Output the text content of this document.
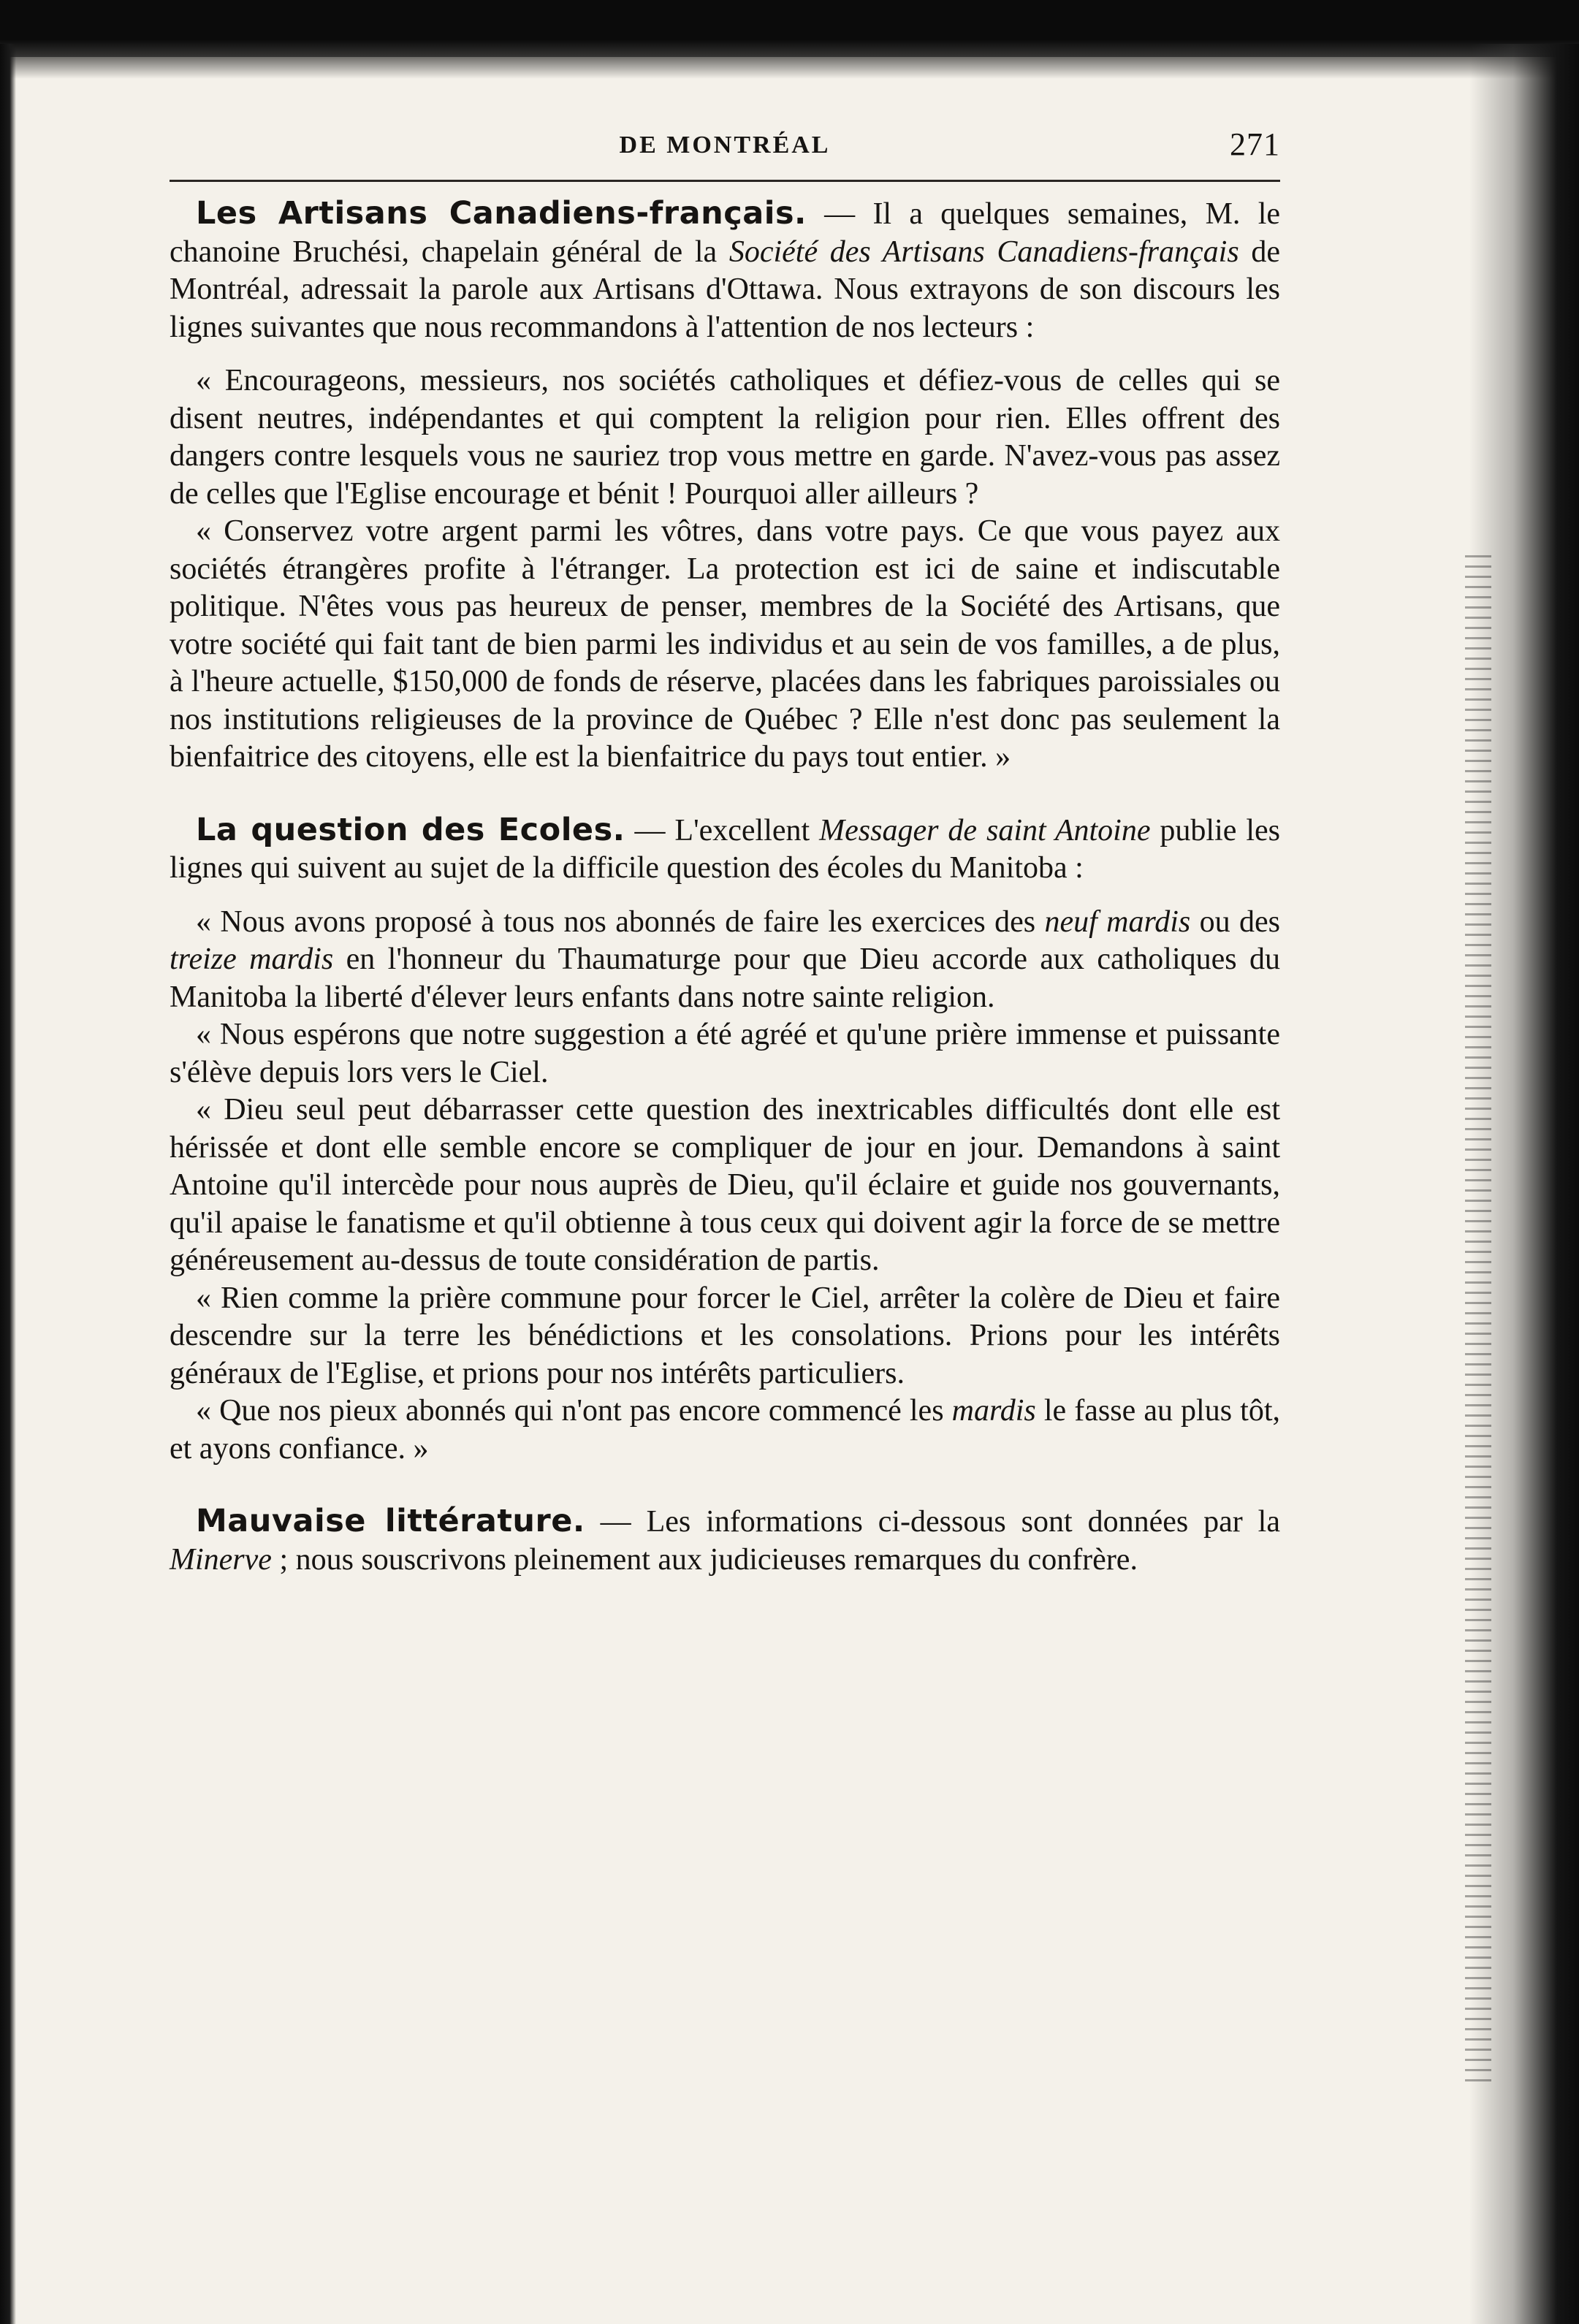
DE MONTRÉAL	271

Les Artisans Canadiens-français. — Il a quelques semaines, M. le chanoine Bruchési, chapelain général de la Société des Artisans Canadiens-français de Montréal, adressait la parole aux Artisans d'Ottawa. Nous extrayons de son discours les lignes suivantes que nous recommandons à l'attention de nos lecteurs :

« Encourageons, messieurs, nos sociétés catholiques et défiez-vous de celles qui se disent neutres, indépendantes et qui comptent la religion pour rien. Elles offrent des dangers contre lesquels vous ne sauriez trop vous mettre en garde. N'avez-vous pas assez de celles que l'Eglise encourage et bénit ! Pourquoi aller ailleurs ?

« Conservez votre argent parmi les vôtres, dans votre pays. Ce que vous payez aux sociétés étrangères profite à l'étranger. La protection est ici de saine et indiscutable politique. N'êtes vous pas heureux de penser, membres de la Société des Artisans, que votre société qui fait tant de bien parmi les individus et au sein de vos familles, a de plus, à l'heure actuelle, $150,000 de fonds de réserve, placées dans les fabriques paroissiales ou nos institutions religieuses de la province de Québec ? Elle n'est donc pas seulement la bienfaitrice des citoyens, elle est la bienfaitrice du pays tout entier. »

La question des Ecoles. — L'excellent Messager de saint Antoine publie les lignes qui suivent au sujet de la difficile question des écoles du Manitoba :

« Nous avons proposé à tous nos abonnés de faire les exercices des neuf mardis ou des treize mardis en l'honneur du Thaumaturge pour que Dieu accorde aux catholiques du Manitoba la liberté d'élever leurs enfants dans notre sainte religion.

« Nous espérons que notre suggestion a été agréé et qu'une prière immense et puissante s'élève depuis lors vers le Ciel.

« Dieu seul peut débarrasser cette question des inextricables difficultés dont elle est hérissée et dont elle semble encore se compliquer de jour en jour. Demandons à saint Antoine qu'il intercède pour nous auprès de Dieu, qu'il éclaire et guide nos gouvernants, qu'il apaise le fanatisme et qu'il obtienne à tous ceux qui doivent agir la force de se mettre généreusement au-dessus de toute considération de partis.

« Rien comme la prière commune pour forcer le Ciel, arrêter la colère de Dieu et faire descendre sur la terre les bénédictions et les consolations. Prions pour les intérêts généraux de l'Eglise, et prions pour nos intérêts particuliers.

« Que nos pieux abonnés qui n'ont pas encore commencé les mardis le fasse au plus tôt, et ayons confiance. »

Mauvaise littérature. — Les informations ci-dessous sont données par la Minerve ; nous souscrivons pleinement aux judicieuses remarques du confrère.
